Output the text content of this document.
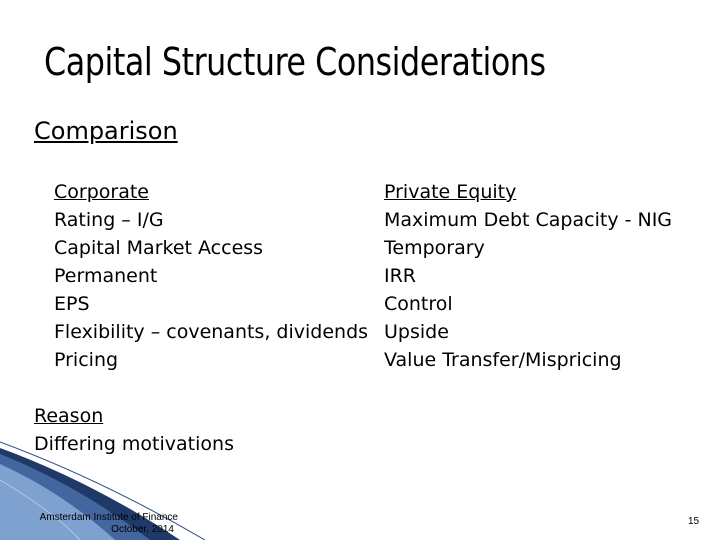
Capital Structure Considerations
Comparison
Corporate
Rating – I/G
Capital Market Access
Permanent
EPS
Flexibility – covenants, dividends
Pricing
Private Equity
Maximum Debt Capacity - NIG
Temporary
IRR
Control
Upside
Value Transfer/Mispricing
Reason
Differing motivations
Amsterdam Institute of Finance
October, 2014
15
